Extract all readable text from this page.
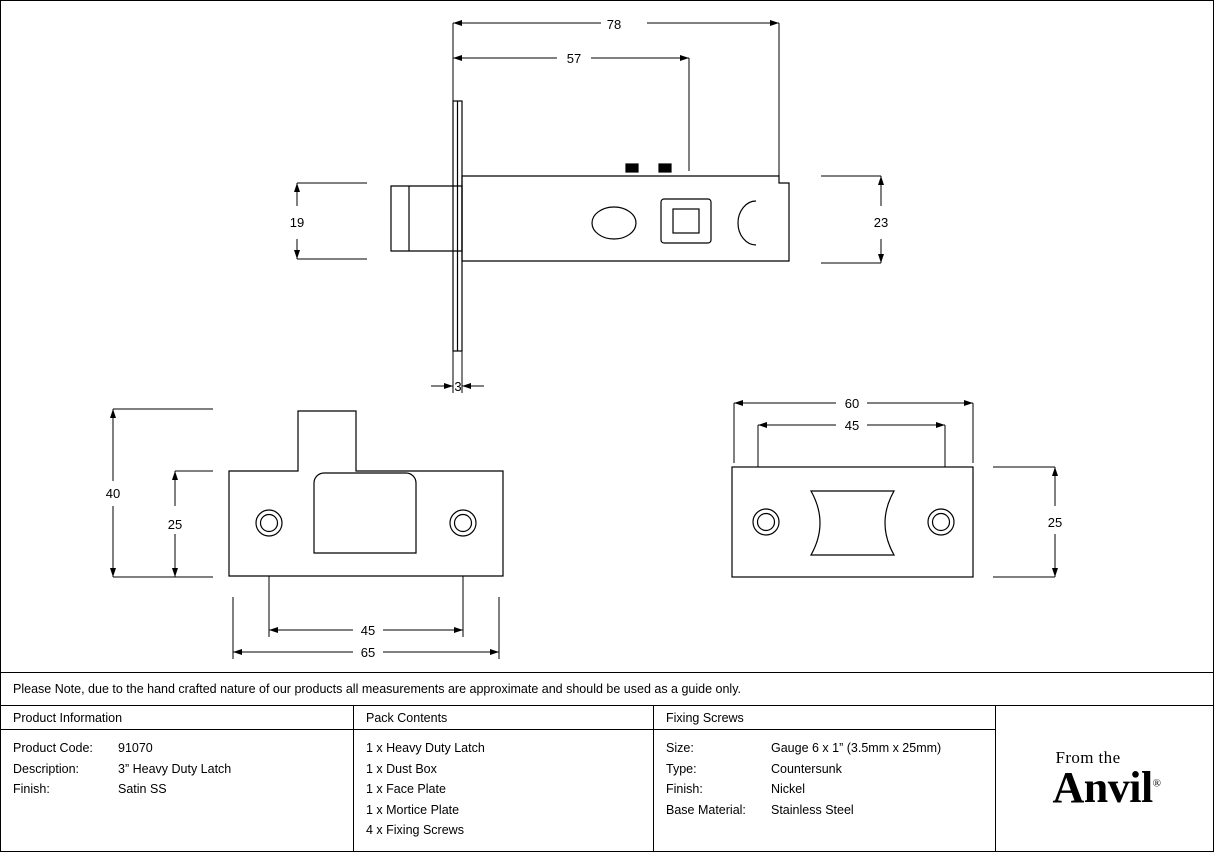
78
57
19	23
3
40
25
45
65
60
45
25
Please Note, due to the hand crafted nature of our products all measurements are approximate and should be used as a guide only.
Product Information
Product Code:	91070
Description:	3” Heavy Duty Latch
Finish:	Satin SS
Pack Contents
1 x Heavy Duty Latch
1 x Dust Box
1 x Face Plate
1 x Mortice Plate
4 x Fixing Screws
Fixing Screws
Size:	Gauge 6 x 1” (3.5mm x 25mm)
Type:	Countersunk
Finish:	Nickel
Base Material:	Stainless Steel
From the
Anvil®
